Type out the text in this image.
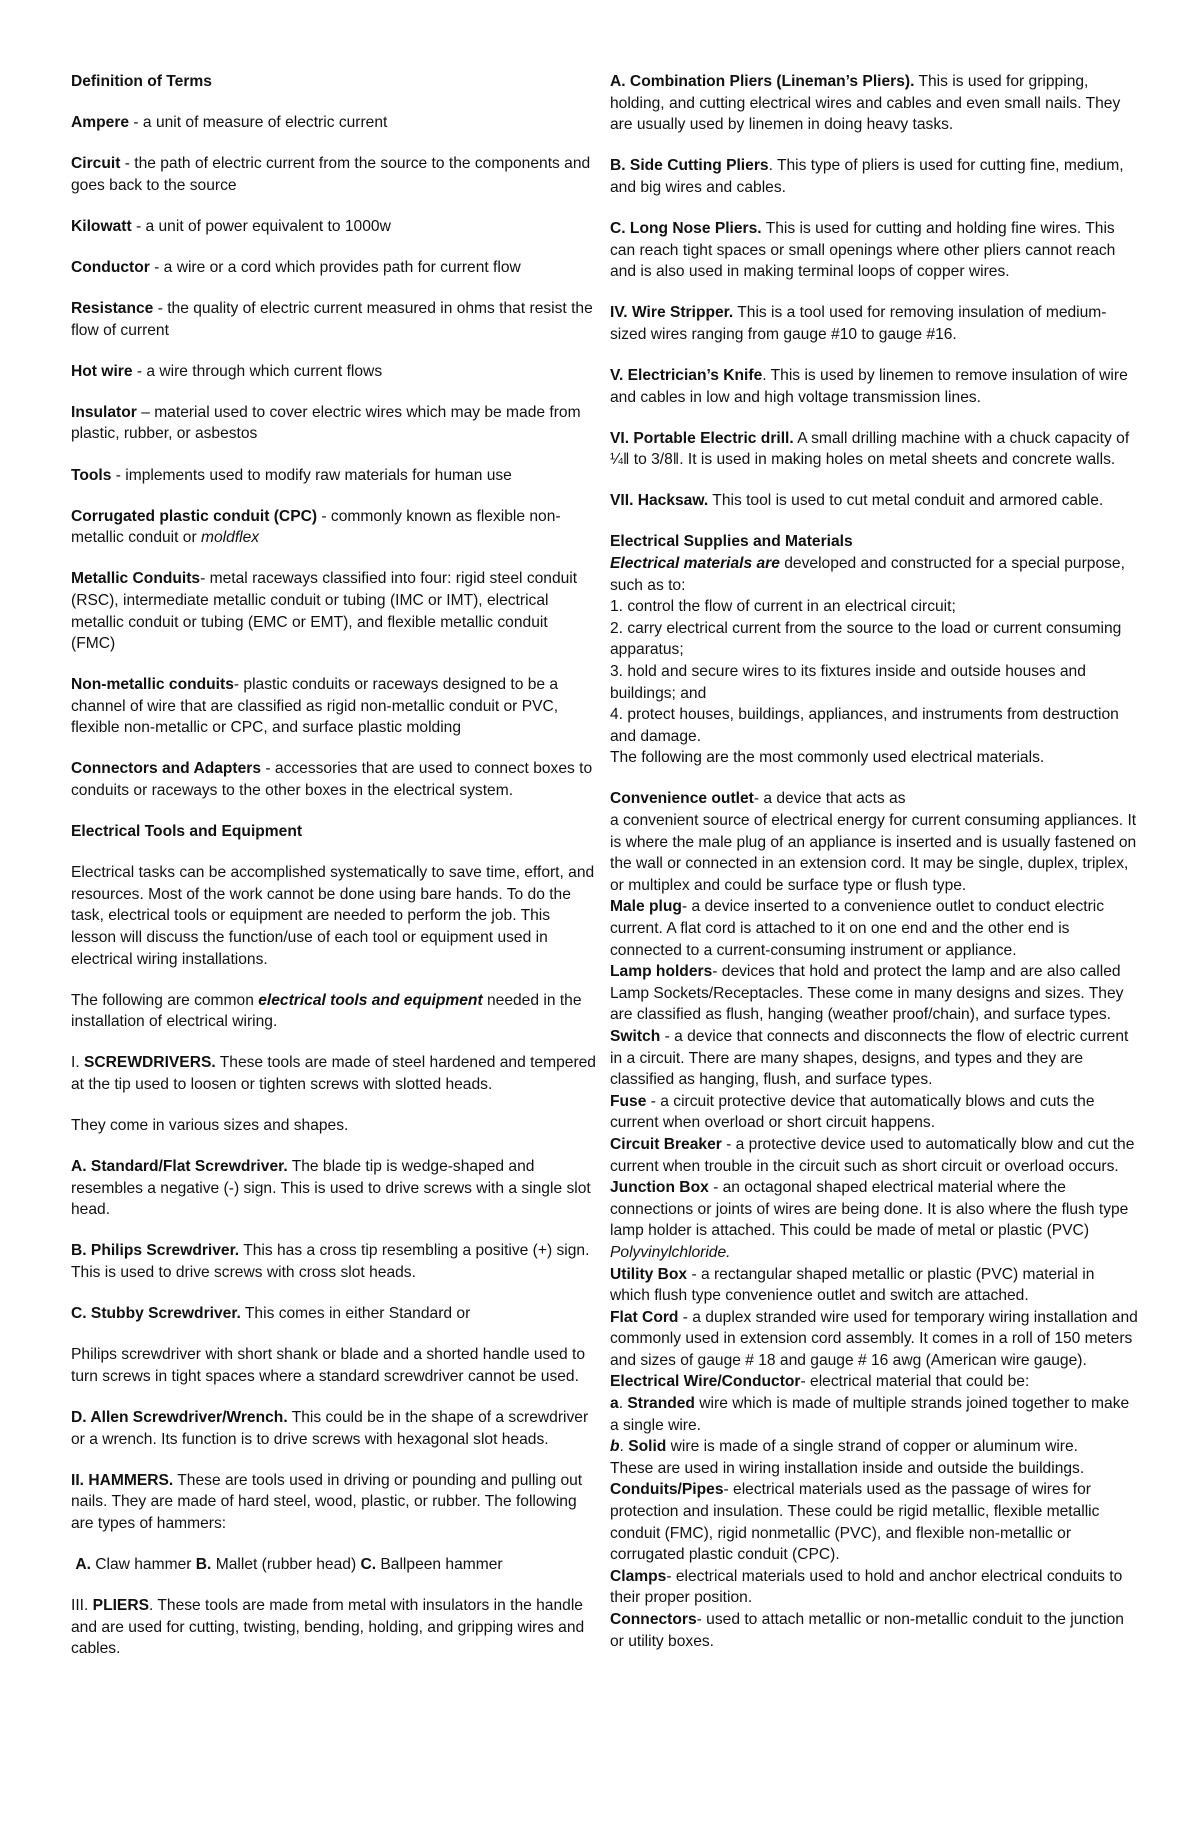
Definition of Terms

Ampere - a unit of measure of electric current

Circuit - the path of electric current from the source to the components and goes back to the source

Kilowatt - a unit of power equivalent to 1000w

Conductor - a wire or a cord which provides path for current flow

Resistance - the quality of electric current measured in ohms that resist the flow of current

Hot wire - a wire through which current flows

Insulator – material used to cover electric wires which may be made from plastic, rubber, or asbestos

Tools - implements used to modify raw materials for human use

Corrugated plastic conduit (CPC) - commonly known as flexible non-metallic conduit or moldflex

Metallic Conduits- metal raceways classified into four: rigid steel conduit (RSC), intermediate metallic conduit or tubing (IMC or IMT), electrical metallic conduit or tubing (EMC or EMT), and flexible metallic conduit (FMC)

Non-metallic conduits- plastic conduits or raceways designed to be a channel of wire that are classified as rigid non-metallic conduit or PVC, flexible non-metallic or CPC, and surface plastic molding

Connectors and Adapters - accessories that are used to connect boxes to conduits or raceways to the other boxes in the electrical system.

Electrical Tools and Equipment

Electrical tasks can be accomplished systematically to save time, effort, and resources. Most of the work cannot be done using bare hands. To do the task, electrical tools or equipment are needed to perform the job. This lesson will discuss the function/use of each tool or equipment used in electrical wiring installations.

The following are common electrical tools and equipment needed in the installation of electrical wiring.

I. SCREWDRIVERS. These tools are made of steel hardened and tempered at the tip used to loosen or tighten screws with slotted heads.

They come in various sizes and shapes.

A. Standard/Flat Screwdriver. The blade tip is wedge-shaped and resembles a negative (-) sign. This is used to drive screws with a single slot head.

B. Philips Screwdriver. This has a cross tip resembling a positive (+) sign. This is used to drive screws with cross slot heads.

C. Stubby Screwdriver. This comes in either Standard or

Philips screwdriver with short shank or blade and a shorted handle used to turn screws in tight spaces where a standard screwdriver cannot be used.

D. Allen Screwdriver/Wrench. This could be in the shape of a screwdriver or a wrench. Its function is to drive screws with hexagonal slot heads.

II. HAMMERS. These are tools used in driving or pounding and pulling out nails. They are made of hard steel, wood, plastic, or rubber. The following are types of hammers:

A. Claw hammer B. Mallet (rubber head) C. Ballpeen hammer

III. PLIERS. These tools are made from metal with insulators in the handle and are used for cutting, twisting, bending, holding, and gripping wires and cables.

A. Combination Pliers (Lineman’s Pliers). This is used for gripping, holding, and cutting electrical wires and cables and even small nails. They are usually used by linemen in doing heavy tasks.

B. Side Cutting Pliers. This type of pliers is used for cutting fine, medium, and big wires and cables.

C. Long Nose Pliers. This is used for cutting and holding fine wires. This can reach tight spaces or small openings where other pliers cannot reach and is also used in making terminal loops of copper wires.

IV. Wire Stripper. This is a tool used for removing insulation of medium-sized wires ranging from gauge #10 to gauge #16.

V. Electrician’s Knife. This is used by linemen to remove insulation of wire and cables in low and high voltage transmission lines.

VI. Portable Electric drill. A small drilling machine with a chuck capacity of ¼‖ to 3/8‖. It is used in making holes on metal sheets and concrete walls.

VII. Hacksaw. This tool is used to cut metal conduit and armored cable.

Electrical Supplies and Materials

Electrical materials are developed and constructed for a special purpose, such as to:

1. control the flow of current in an electrical circuit;

2. carry electrical current from the source to the load or current consuming apparatus;

3. hold and secure wires to its fixtures inside and outside houses and buildings; and

4. protect houses, buildings, appliances, and instruments from destruction and damage.

The following are the most commonly used electrical materials.

Convenience outlet- a device that acts as

a convenient source of electrical energy for current consuming appliances. It is where the male plug of an appliance is inserted and is usually fastened on the wall or connected in an extension cord. It may be single, duplex, triplex, or multiplex and could be surface type or flush type.

Male plug- a device inserted to a convenience outlet to conduct electric current. A flat cord is attached to it on one end and the other end is connected to a current-consuming instrument or appliance.

Lamp holders- devices that hold and protect the lamp and are also called Lamp Sockets/Receptacles. These come in many designs and sizes. They are classified as flush, hanging (weather proof/chain), and surface types.

Switch - a device that connects and disconnects the flow of electric current in a circuit. There are many shapes, designs, and types and they are classified as hanging, flush, and surface types.

Fuse - a circuit protective device that automatically blows and cuts the current when overload or short circuit happens.

Circuit Breaker - a protective device used to automatically blow and cut the current when trouble in the circuit such as short circuit or overload occurs.

Junction Box - an octagonal shaped electrical material where the connections or joints of wires are being done. It is also where the flush type lamp holder is attached. This could be made of metal or plastic (PVC) Polyvinylchloride.

Utility Box - a rectangular shaped metallic or plastic (PVC) material in which flush type convenience outlet and switch are attached.

Flat Cord - a duplex stranded wire used for temporary wiring installation and commonly used in extension cord assembly. It comes in a roll of 150 meters and sizes of gauge # 18 and gauge # 16 awg (American wire gauge).

Electrical Wire/Conductor- electrical material that could be:

a. Stranded wire which is made of multiple strands joined together to make a single wire.

b. Solid wire is made of a single strand of copper or aluminum wire.

These are used in wiring installation inside and outside the buildings.

Conduits/Pipes- electrical materials used as the passage of wires for protection and insulation. These could be rigid metallic, flexible metallic conduit (FMC), rigid nonmetallic (PVC), and flexible non-metallic or corrugated plastic conduit (CPC).

Clamps- electrical materials used to hold and anchor electrical conduits to their proper position.

Connectors- used to attach metallic or non-metallic conduit to the junction or utility boxes.
